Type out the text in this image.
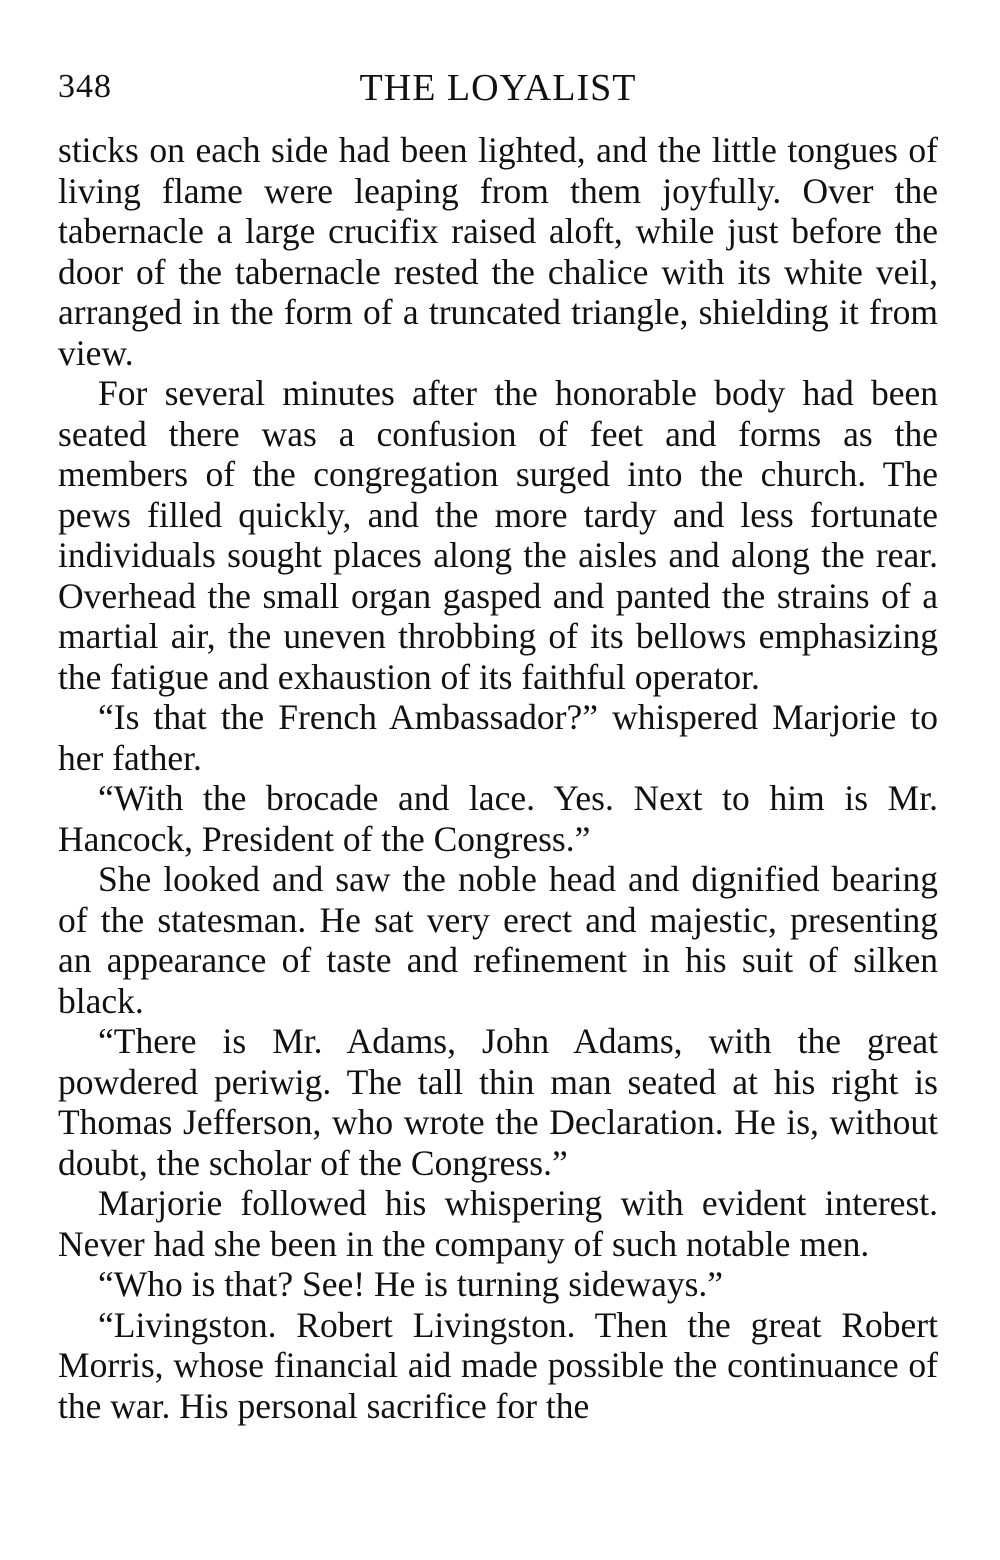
348	THE LOYALIST

sticks on each side had been lighted, and the little tongues of living flame were leaping from them joyfully. Over the tabernacle a large crucifix raised aloft, while just before the door of the tabernacle rested the chalice with its white veil, arranged in the form of a truncated triangle, shielding it from view.

For several minutes after the honorable body had been seated there was a confusion of feet and forms as the members of the congregation surged into the church. The pews filled quickly, and the more tardy and less fortunate individuals sought places along the aisles and along the rear. Overhead the small organ gasped and panted the strains of a martial air, the uneven throbbing of its bellows emphasizing the fatigue and exhaustion of its faithful operator.

“Is that the French Ambassador?” whispered Marjorie to her father.

“With the brocade and lace. Yes. Next to him is Mr. Hancock, President of the Congress.”

She looked and saw the noble head and dignified bearing of the statesman. He sat very erect and majestic, presenting an appearance of taste and refinement in his suit of silken black.

“There is Mr. Adams, John Adams, with the great powdered periwig. The tall thin man seated at his right is Thomas Jefferson, who wrote the Declaration. He is, without doubt, the scholar of the Congress.”

Marjorie followed his whispering with evident interest. Never had she been in the company of such notable men.

“Who is that? See! He is turning sideways.”

“Livingston. Robert Livingston. Then the great Robert Morris, whose financial aid made possible the continuance of the war. His personal sacrifice for the
